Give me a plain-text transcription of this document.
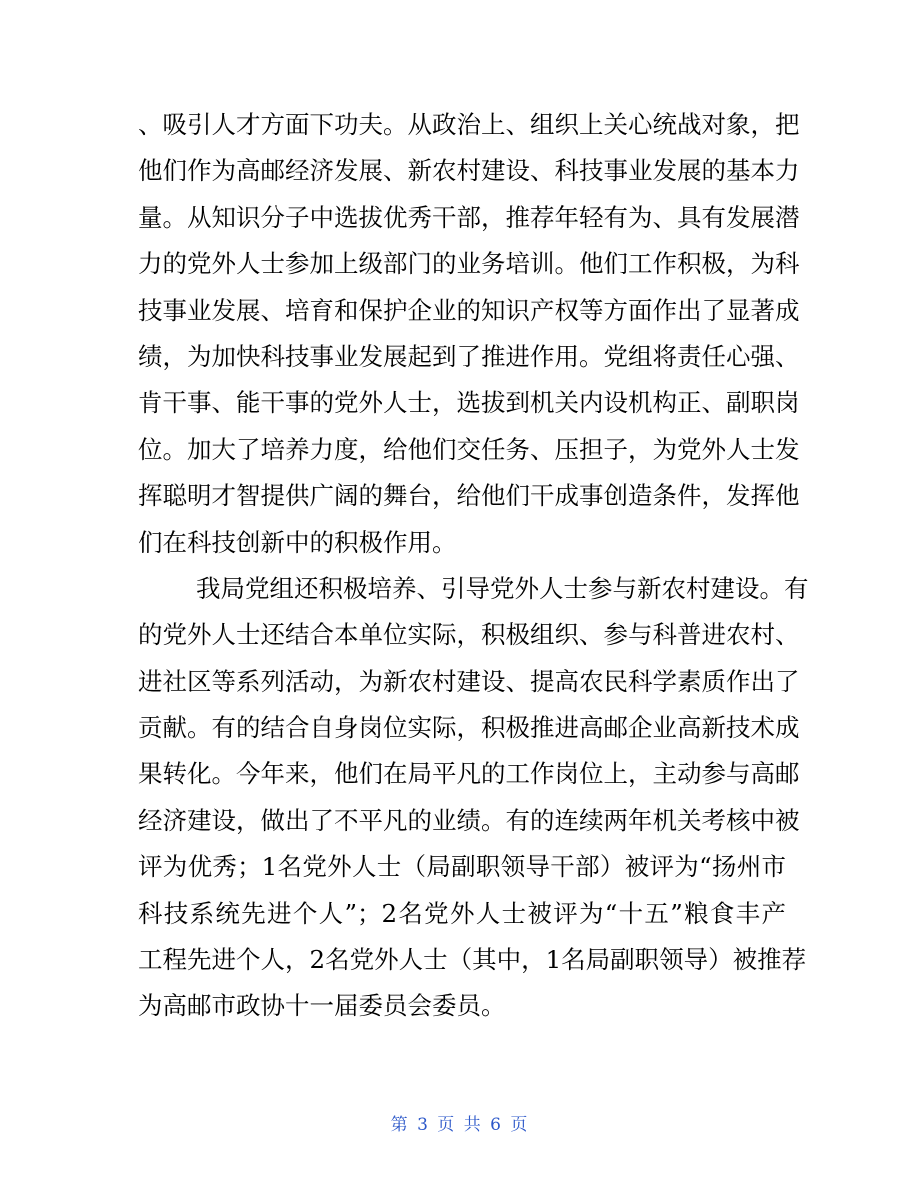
、吸引人才方面下功夫。从政治上、组织上关心统战对象，把
他们作为高邮经济发展、新农村建设、科技事业发展的基本力
量。从知识分子中选拔优秀干部，推荐年轻有为、具有发展潜
力的党外人士参加上级部门的业务培训。他们工作积极，为科
技事业发展、培育和保护企业的知识产权等方面作出了显著成
绩，为加快科技事业发展起到了推进作用。党组将责任心强、
肯干事、能干事的党外人士，选拔到机关内设机构正、副职岗
位。加大了培养力度，给他们交任务、压担子，为党外人士发
挥聪明才智提供广阔的舞台，给他们干成事创造条件，发挥他
们在科技创新中的积极作用。
我局党组还积极培养、引导党外人士参与新农村建设。有
的党外人士还结合本单位实际，积极组织、参与科普进农村、
进社区等系列活动，为新农村建设、提高农民科学素质作出了
贡献。有的结合自身岗位实际，积极推进高邮企业高新技术成
果转化。今年来，他们在局平凡的工作岗位上，主动参与高邮
经济建设，做出了不平凡的业绩。有的连续两年机关考核中被
评为优秀；1名党外人士（局副职领导干部）被评为“扬州市
科技系统先进个人”；2名党外人士被评为“十五”粮食丰产
工程先进个人，2名党外人士（其中，1名局副职领导）被推荐
为高邮市政协十一届委员会委员。
第 3 页 共 6 页
